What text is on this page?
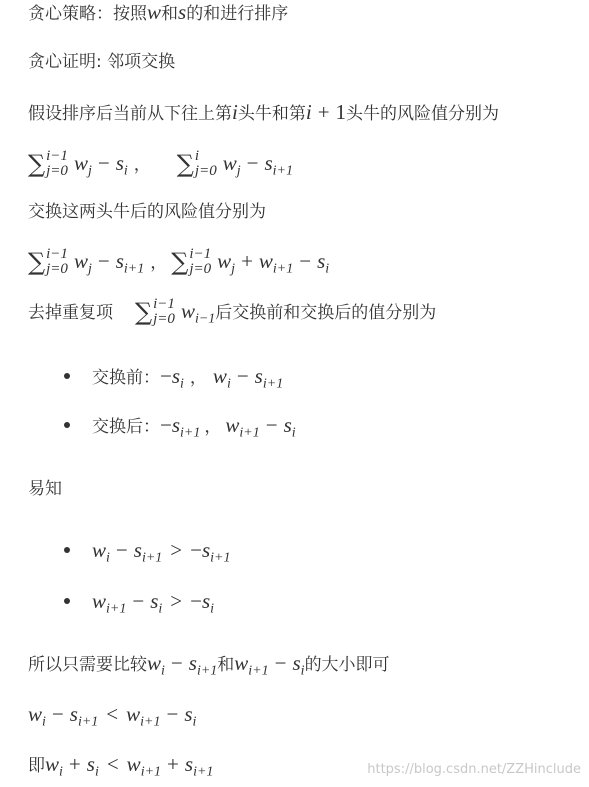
贪心策略：按照w和s的和进行排序
贪心证明: 邻项交换
假设排序后当前从下往上第i头牛和第i + 1头牛的风险值分别为
∑ i−1
j=0 $w_j - s_i$ ， ∑ i
j=0 $w_j - s_{i+1}$
交换这两头牛后的风险值分别为
∑ i−1
j=0 $w_j - s_{i+1}$ ， ∑ i−1
j=0 $w_j + w_{i+1} - s_i$
去掉重复项 ∑ i−1
j=0 $w_{i-1}$后交换前和交换后的值分别为
交换前：$-s_i$ ， $w_i - s_{i+1}$
交换后：$-s_{i+1}$ ， $w_{i+1} - s_i$
易知
$w_i - s_{i+1} > -s_{i+1}$
$w_{i+1} - s_i > -s_i$
所以只需要比较$w_i - s_{i+1}$和$w_{i+1} - s_i$的大小即可
$w_i - s_{i+1} < w_{i+1} - s_i$
即$w_i + s_i < w_{i+1} + s_{i+1}$	https://blog.csdn.net/ZZHinclude
